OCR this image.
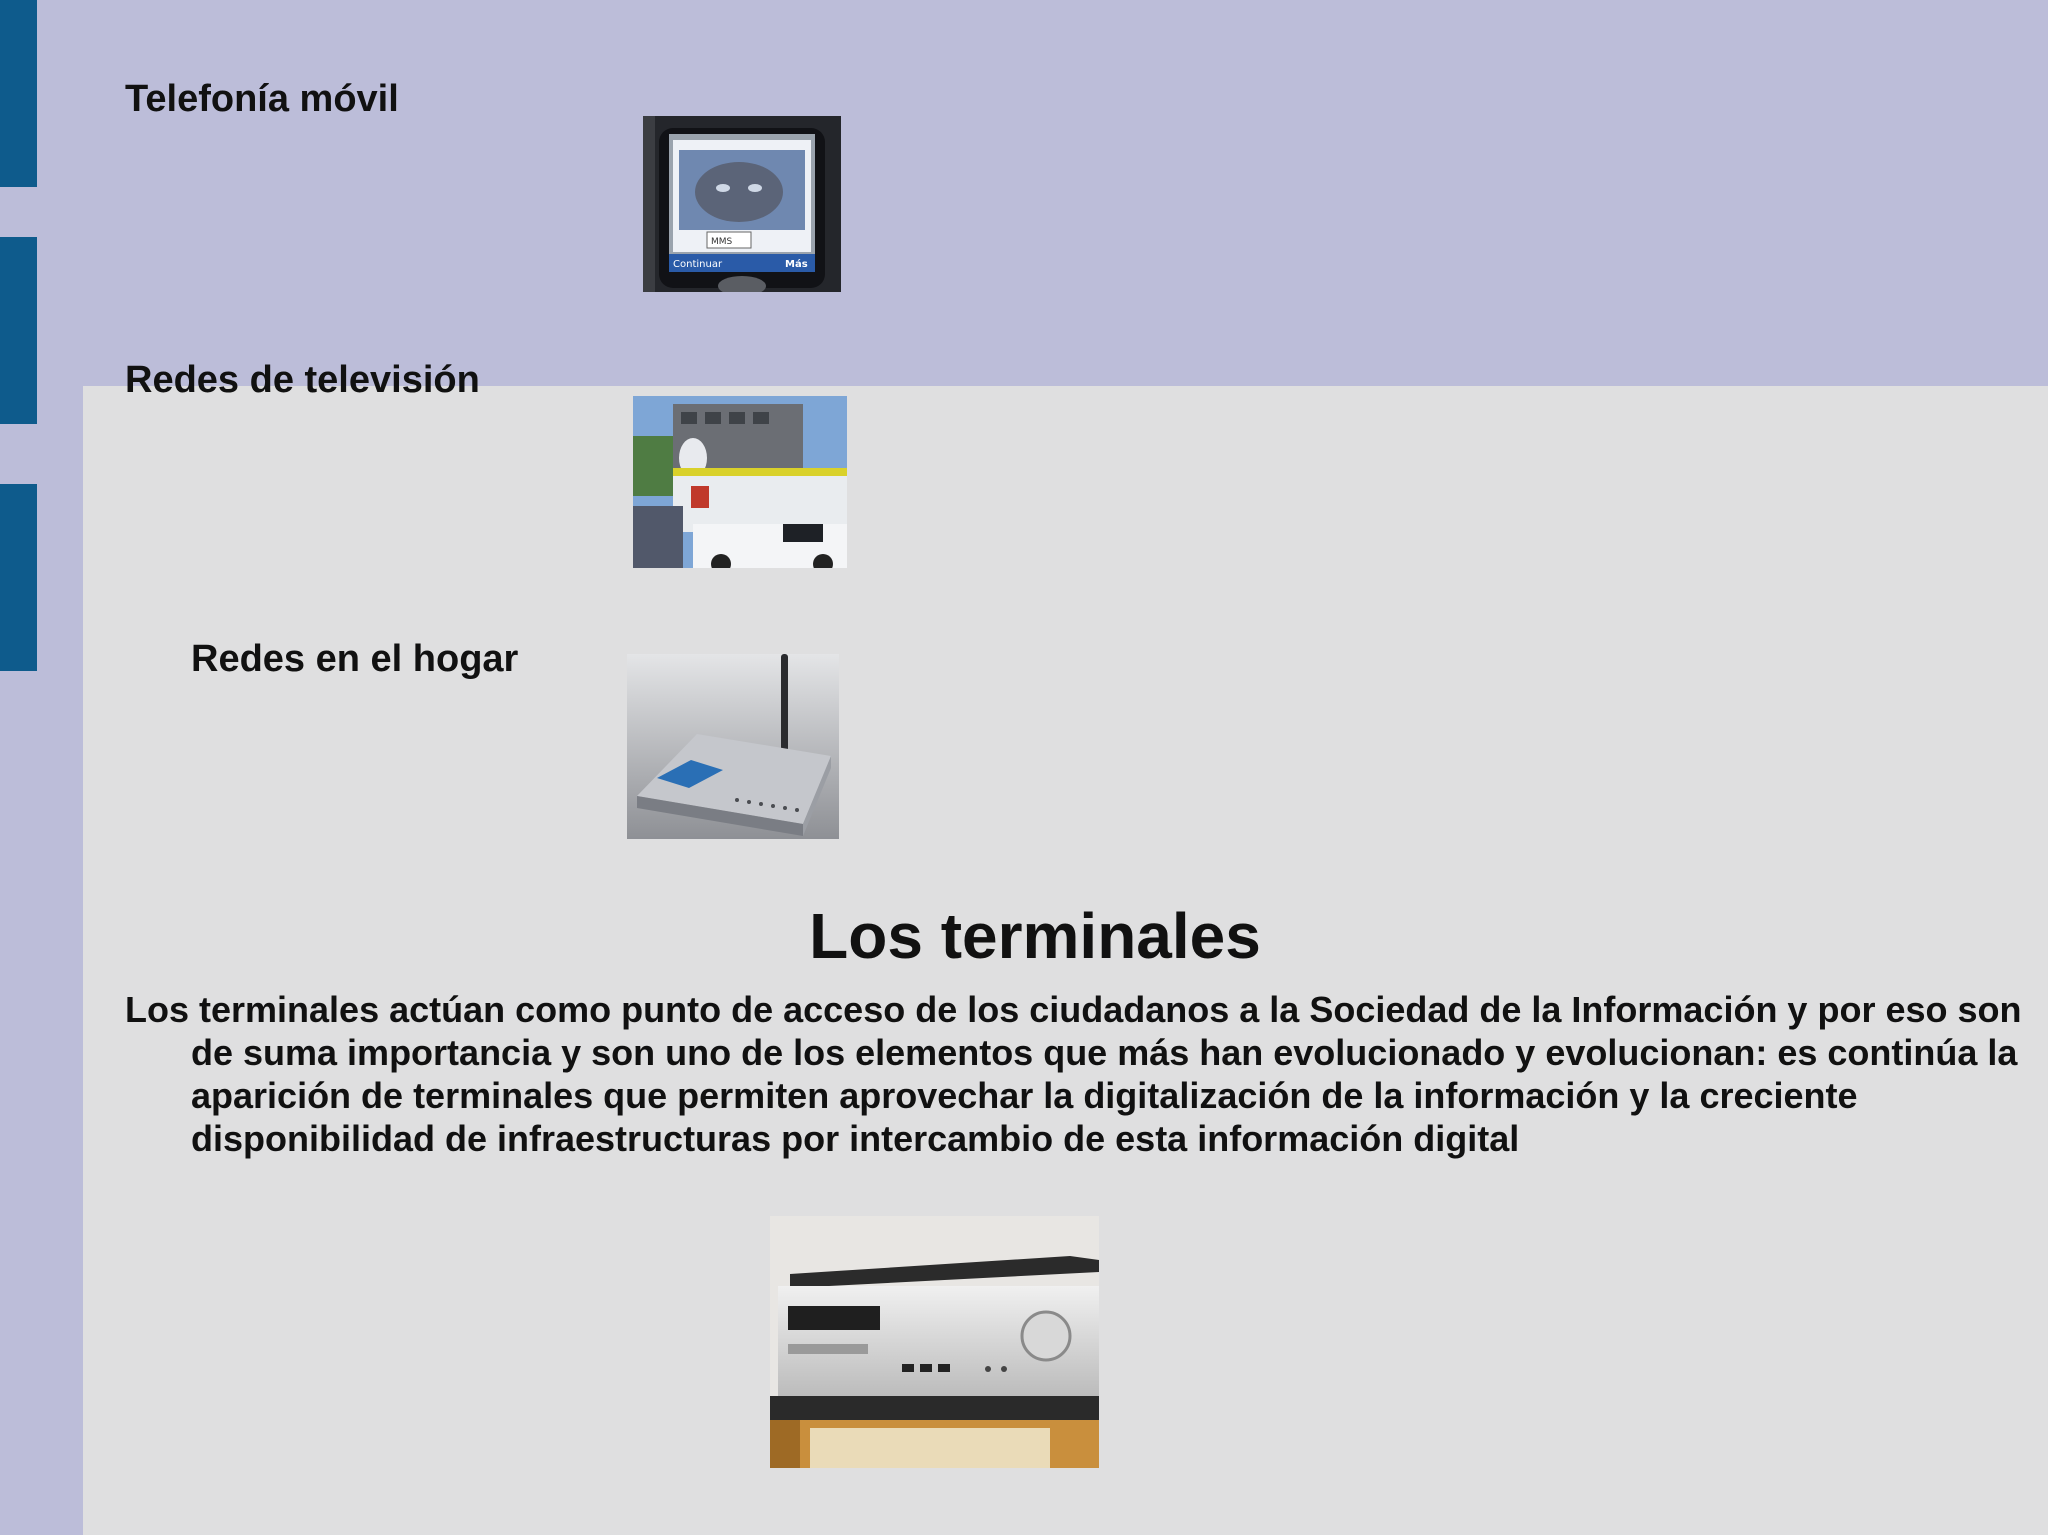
Telefonía móvil

MMS
Continuar	Más

Redes de televisión

Redes en el hogar

Los terminales

Los terminales actúan como punto de acceso de los ciudadanos a la Sociedad de la Información y por eso son de suma importancia y son uno de los elementos que más han evolucionado y evolucionan: es continúa la aparición de terminales que permiten aprovechar la digitalización de la información y la creciente disponibilidad de infraestructuras por intercambio de esta información digital
